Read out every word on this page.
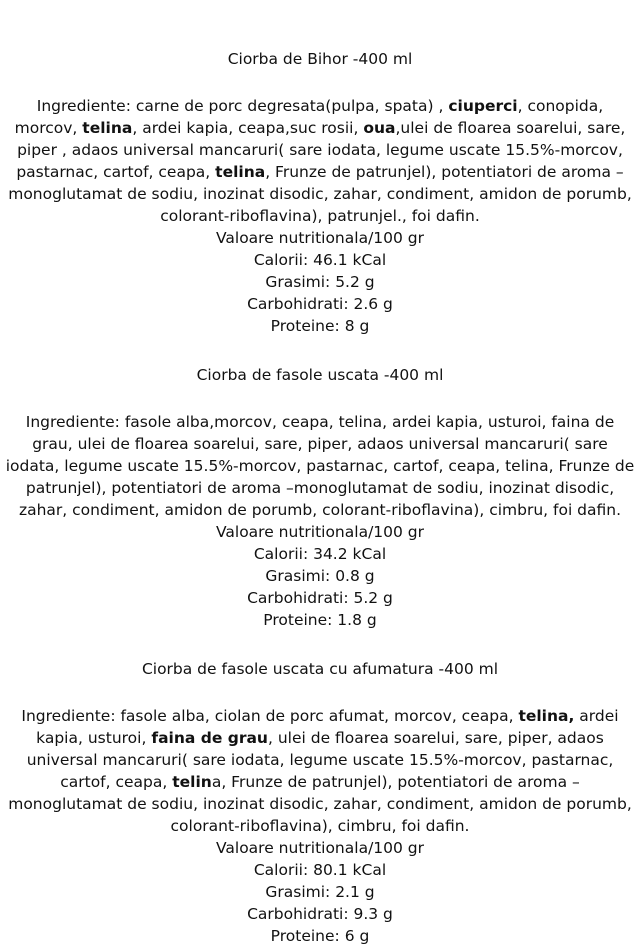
Ciorba de Bihor -400 ml

Ingrediente: carne de porc degresata(pulpa, spata) , ciuperci, conopida, morcov, telina, ardei kapia, ceapa,suc rosii, oua,ulei de floarea soarelui, sare, piper , adaos universal mancaruri( sare iodata, legume uscate 15.5%-morcov, pastarnac, cartof, ceapa, telina, Frunze de patrunjel), potentiatori de aroma –monoglutamat de sodiu, inozinat disodic, zahar, condiment, amidon de porumb, colorant-riboflavina), patrunjel., foi dafin.

Valoare nutritionala/100 gr
Calorii: 46.1 kCal
Grasimi: 5.2 g
Carbohidrati: 2.6 g
Proteine: 8 g
Ciorba de fasole uscata -400 ml

Ingrediente: fasole alba,morcov, ceapa, telina, ardei kapia, usturoi, faina de grau, ulei de floarea soarelui, sare, piper, adaos universal mancaruri( sare iodata, legume uscate 15.5%-morcov, pastarnac, cartof, ceapa, telina, Frunze de patrunjel), potentiatori de aroma –monoglutamat de sodiu, inozinat disodic, zahar, condiment, amidon de porumb, colorant-riboflavina), cimbru, foi dafin.

Valoare nutritionala/100 gr
Calorii: 34.2 kCal
Grasimi: 0.8 g
Carbohidrati: 5.2 g
Proteine: 1.8 g
Ciorba de fasole uscata cu afumatura -400 ml

Ingrediente: fasole alba, ciolan de porc afumat, morcov, ceapa, telina, ardei kapia, usturoi, faina de grau, ulei de floarea soarelui, sare, piper, adaos universal mancaruri( sare iodata, legume uscate 15.5%-morcov, pastarnac, cartof, ceapa, telina, Frunze de patrunjel), potentiatori de aroma –monoglutamat de sodiu, inozinat disodic, zahar, condiment, amidon de porumb, colorant-riboflavina), cimbru, foi dafin.

Valoare nutritionala/100 gr
Calorii: 80.1 kCal
Grasimi: 2.1 g
Carbohidrati: 9.3 g
Proteine: 6 g
